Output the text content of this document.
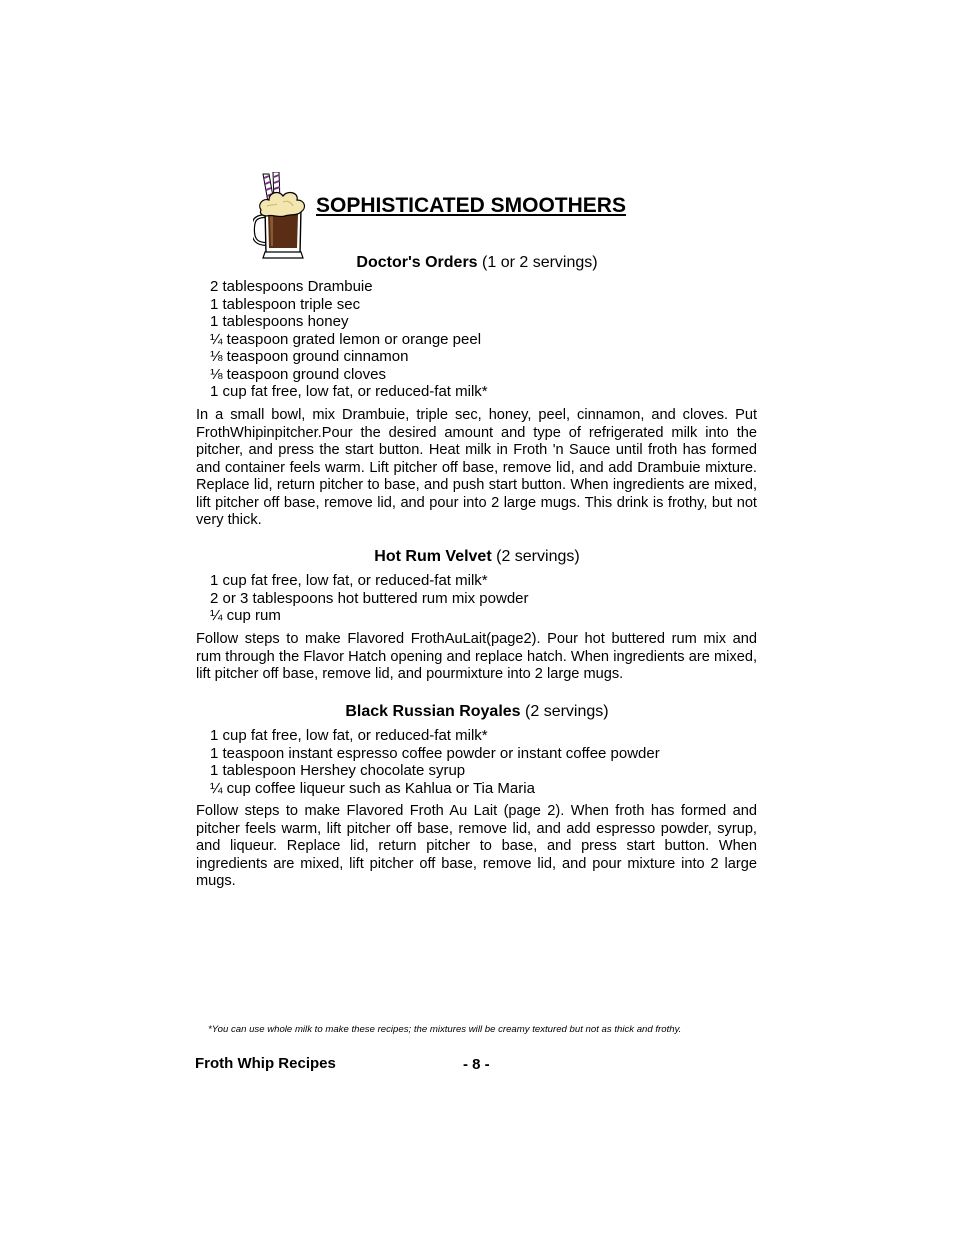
SOPHISTICATED SMOOTHERS
Doctor's Orders (1 or 2 servings)
2 tablespoons Drambuie
1 tablespoon triple sec
1 tablespoons honey
¼ teaspoon grated lemon or orange peel
⅛ teaspoon ground cinnamon
⅛ teaspoon ground cloves
1 cup fat free, low fat, or reduced-fat milk*

In a small bowl, mix Drambuie, triple sec, honey, peel, cinnamon, and cloves. Put FrothWhipinpitcher.Pour the desired amount and type of refrigerated milk into the pitcher, and press the start button. Heat milk in Froth 'n Sauce until froth has formed and container feels warm. Lift pitcher off base, remove lid, and add Drambuie mixture. Replace lid, return pitcher to base, and push start button. When ingredients are mixed, lift pitcher off base, remove lid, and pour into 2 large mugs. This drink is frothy, but not very thick.

Hot Rum Velvet (2 servings)
1 cup fat free, low fat, or reduced-fat milk*
2 or 3 tablespoons hot buttered rum mix powder
¼ cup rum

Follow steps to make Flavored FrothAuLait(page2). Pour hot buttered rum mix and rum through the Flavor Hatch opening and replace hatch. When ingredients are mixed, lift pitcher off base, remove lid, and pourmixture into 2 large mugs.

Black Russian Royales (2 servings)
1 cup fat free, low fat, or reduced-fat milk*
1 teaspoon instant espresso coffee powder or instant coffee powder
1 tablespoon Hershey chocolate syrup
¼ cup coffee liqueur such as Kahlua or Tia Maria

Follow steps to make Flavored Froth Au Lait (page 2). When froth has formed and pitcher feels warm, lift pitcher off base, remove lid, and add espresso powder, syrup, and liqueur. Replace lid, return pitcher to base, and press start button. When ingredients are mixed, lift pitcher off base, remove lid, and pour mixture into 2 large mugs.

*You can use whole milk to make these recipes; the mixtures will be creamy textured but not as thick and frothy.
Froth Whip Recipes	- 8 -
